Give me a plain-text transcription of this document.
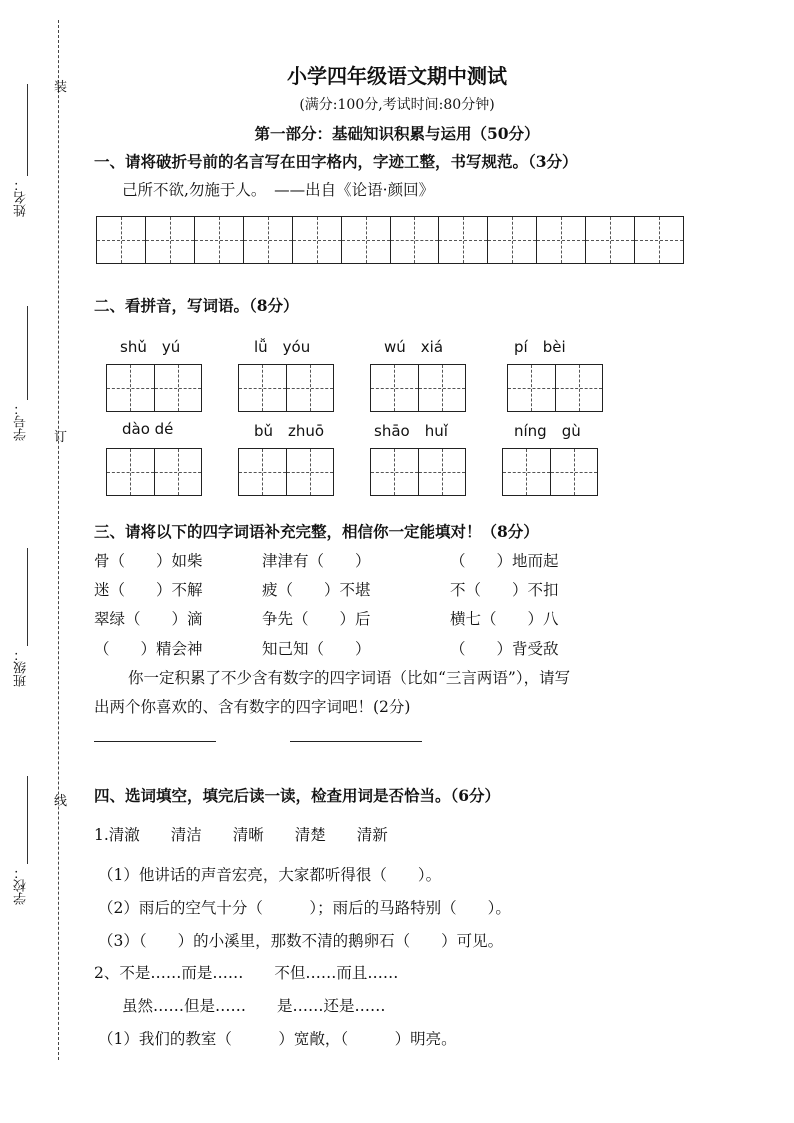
装
订
线
姓名：
学号：
班级：
学校：
小学四年级语文期中测试
(满分:100分,考试时间:80分钟)
第一部分：基础知识积累与运用（50分）
一、请将破折号前的名言写在田字格内，字迹工整，书写规范。（3分）
己所不欲,勿施于人。　——出自《论语·颜回》
二、看拼音，写词语。（8分）
shǔ　yú	lǚ　yóu	wú　xiá	pí　bèi
dào dé	bǔ　zhuō	shāo　huǐ	níng　gù
三、请将以下的四字词语补充完整，相信你一定能填对！（8分）
骨（　　）如柴	津津有（　　）	（　　）地而起
迷（　　）不解	疲（　　）不堪	不（　　）不扣
翠绿（　　）滴	争先（　　）后	横七（　　）八
（　　）精会神	知己知（　　）	（　　）背受敌
你一定积累了不少含有数字的四字词语（比如“三言两语”），请写
出两个你喜欢的、含有数字的四字词吧！(2分)
四、选词填空，填完后读一读，检查用词是否恰当。（6分）
1.清澈　　清洁　　清晰　　清楚　　清新
（1）他讲话的声音宏亮，大家都听得很（　　）。
（2）雨后的空气十分（　　　）；雨后的马路特别（　　）。
（3）（　　）的小溪里，那数不清的鹅卵石（　　）可见。
2、不是……而是……　　不但……而且……
虽然……但是……　　是……还是……
（1）我们的教室（　　　）宽敞，（　　　）明亮。
